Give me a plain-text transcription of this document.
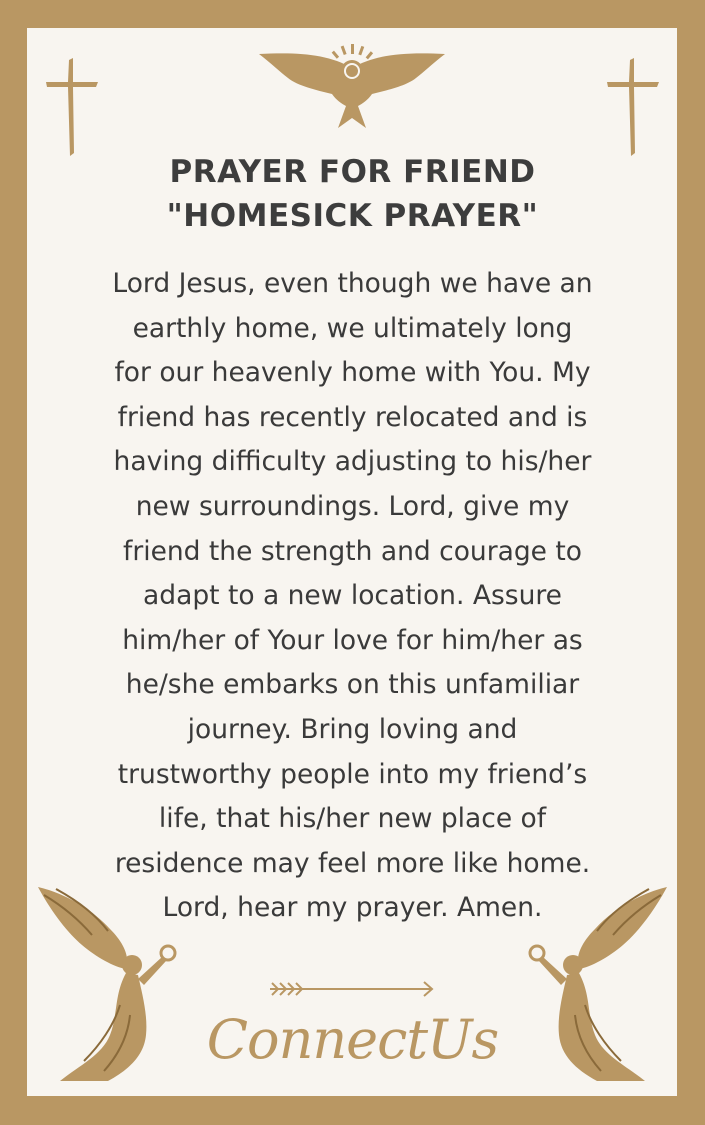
PRAYER FOR FRIEND
"HOMESICK PRAYER"

Lord Jesus, even though we have an
earthly home, we ultimately long
for our heavenly home with You. My
friend has recently relocated and is
having difficulty adjusting to his/her
new surroundings. Lord, give my
friend the strength and courage to
adapt to a new location. Assure
him/her of Your love for him/her as
he/she embarks on this unfamiliar
journey. Bring loving and
trustworthy people into my friend’s
life, that his/her new place of
residence may feel more like home.
Lord, hear my prayer. Amen.

ConnectUs
